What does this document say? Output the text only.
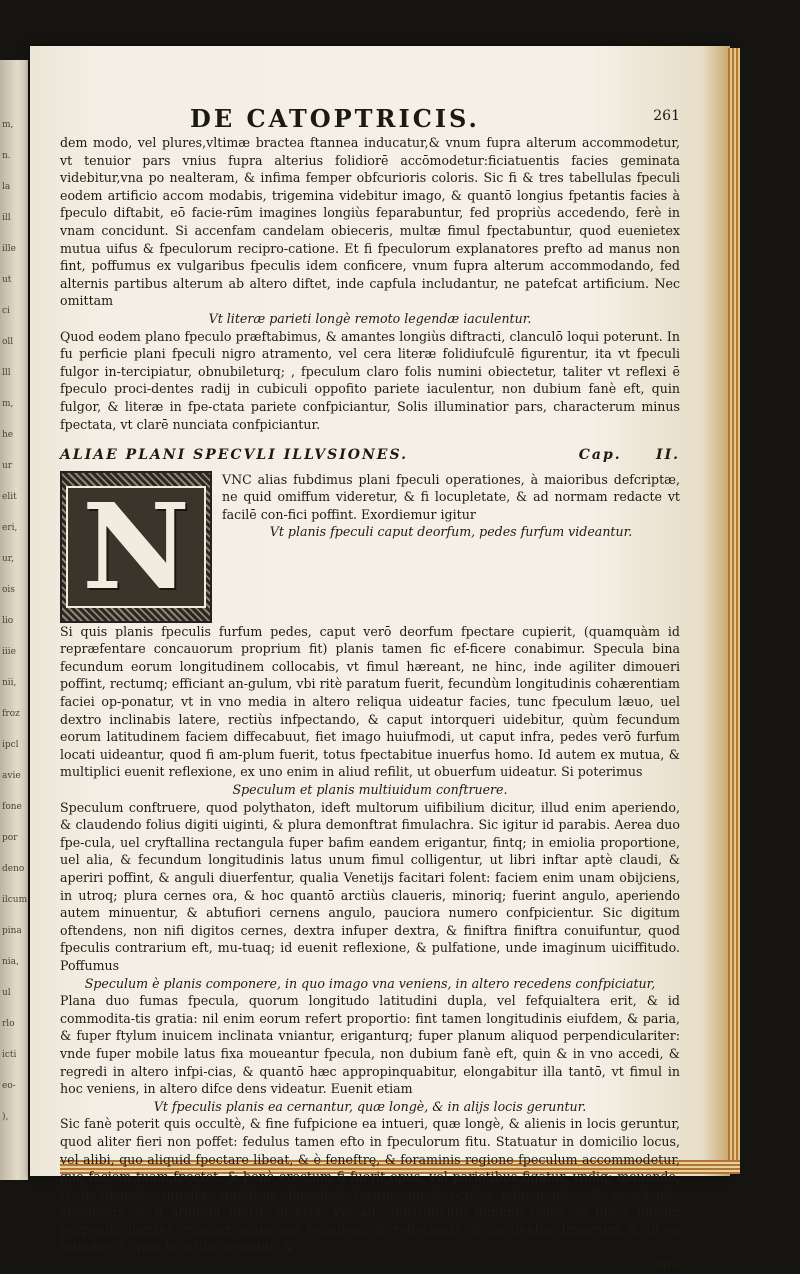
m,
n.
la
ill
ille
ut
ci
oll
lll
m,
he
ur
elit
eri,
ur,
ois
lio
iiie
nii,
froz
ipcl
avie
fone
por
deno
ilcum
pina
nia,
ul
rlo
icti
eo-
),
DE CATOPTRICIS.	261

dem modo, vel plures,vltimæ bractea ftannea inducatur,& vnum fupra alterum accommodetur, vt tenuior pars vnius fupra alterius folidiorē accōmodetur:ficiatuentis facies geminata videbitur,vna po nealteram, & infima femper obfcurioris coloris. Sic fi & tres tabellulas fpeculi eodem artificio accom modabis, trigemina videbitur imago, & quantō longius fpetantis facies à fpeculo diftabit, eō facie-rūm imagines longiùs feparabuntur, fed propriùs accedendo, ferè in vnam concidunt. Si accenfam candelam obieceris, multæ fimul fpectabuntur, quod euenietex mutua uifus & fpeculorum recipro-catione. Et fi fpeculorum explanatores prefto ad manus non fint, poffumus ex vulgaribus fpeculis idem conficere, vnum fupra alterum accommodando, fed alternis partibus alterum ab altero diftet, inde capfula includantur, ne patefcat artificium. Nec omittam

Vt literæ parieti longè remoto legendæ iaculentur.

Quod eodem plano fpeculo præftabimus, & amantes longiùs diftracti, clanculō loqui poterunt. In fu perficie plani fpeculi nigro atramento, vel cera literæ folidiufculē figurentur, ita vt fpeculi fulgor in-tercipiatur, obnubileturq; , fpeculum claro folis numini obiectetur, taliter vt reflexi ē fpeculo proci-dentes radij in cubiculi oppofito pariete iaculentur, non dubium fanè eft, quin fulgor, & literæ in fpe-ctata pariete confpiciantur, Solis illuminatior pars, characterum minus fpectata, vt clarē nunciata confpiciantur.

ALIAE PLANI SPECVLI ILLVSIONES.	Cap. II.
N	VNC alias fubdimus plani fpeculi operationes, à maioribus defcriptæ, ne quid omiffum videretur, & fi locupletate, & ad normam redacte vt facilē con-fici poffint. Exordiemur igitur

Vt planis fpeculi caput deorfum, pedes furfum videantur.

Si quis planis fpeculis furfum pedes, caput verō deorfum fpectare cupierit, (quamquàm id repræfentare concauorum proprium fit) planis tamen fic ef-ficere conabimur. Specula bina fecundum eorum longitudinem collocabis, vt fimul hæreant, ne hinc, inde agiliter dimoueri poffint, rectumq; efficiant an-gulum, vbi ritè paratum fuerit, fecundùm longitudinis cohærentiam faciei op-ponatur, vt in vno media in altero reliqua uideatur facies, tunc fpeculum læuo, uel dextro inclinabis latere, rectiùs infpectando, & caput intorqueri uidebitur, quùm fecundum eorum latitudinem faciem diffecabuut, fiet imago huiufmodi, ut caput infra, pedes verō furfum locati uideantur, quod fi am-plum fuerit, totus fpectabitue inuerfus homo. Id autem ex mutua, & multiplici euenit reflexione, ex uno enim in aliud refilit, ut obuerfum uideatur. Si poterimus

Speculum et planis multiuidum conftruere.

Speculum conftruere, quod polythaton, ideft multorum uifibilium dicitur, illud enim aperiendo, & claudendo folius digiti uiginti, & plura demonftrat fimulachra. Sic igitur id parabis. Aerea duo fpe-cula, uel cryftallina rectangula fuper bafim eandem erigantur, fintq; in emiolia proportione, uel alia, & fecundum longitudinis latus unum fimul colligentur, ut libri inftar aptè claudi, & aperiri poffint, & anguli diuerfentur, qualia Venetijs facitari folent: faciem enim unam obijciens, in utroq; plura cernes ora, & hoc quantō arctiùs claueris, minoriq; fuerint angulo, aperiendo autem minuentur, & abtufiori cernens angulo, pauciora numero confpicientur. Sic digitum oftendens, non nifi digitos cernes, dextra infuper dextra, & finiftra finiftra conuifuntur, quod fpeculis contrarium eft, mu-tuaq; id euenit reflexione, & pulfatione, unde imaginum uiciffitudo. Poffumus

Speculum è planis componere, in quo imago vna veniens, in altero recedens confpiciatur,

Plana duo fumas fpecula, quorum longitudo latitudini dupla, vel fefquialtera erit, & id commodita-tis gratia: nil enim eorum refert proportio: fint tamen longitudinis eiufdem, & paria, & fuper ftylum inuicem inclinata vniantur, eriganturq; fuper planum aliquod perpendiculariter: vnde fuper mobile latus fixa moueantur fpecula, non dubium fanè eft, quin & in vno accedi, & regredi in altero infpi-cias, & quantō hæc appropinquabitur, elongabitur illa tantō, vt fimul in hoc veniens, in altero difce dens videatur. Euenit etiam

Vt fpeculis planis ea cernantur, quæ longè, & in alijs locis geruntur.

Sic fanè poterit quis occultè, & fine fufpicione ea intueri, quæ longè, & alienis in locis geruntur, quod aliter fieri non poffet: fedulus tamen efto in fpeculorum fitu. Statuatur in domicilio locus, vel alibi, quo aliquid fpectare libeat, & è feneftrę, & foraminis regione fpeculum accommodetur, quo faciem tuam fpectet, & benè erectum fi fuerit opus, vel parietibus figatur, vndiq; mouendo, & inclinando, quoulq; quefitum imaginet locum, quod oculos admouendo, & accedendo affequeris, & fi arduum fuerit, dioptra, vel alio inftrumento minimè falles, & fuper lineam perpendiculariter erigatur, angu-lum fecantem, & reflexionis, & incidentiæ linearum, & in ea intueberis, quæ loco illo geruntur, &

clarè
